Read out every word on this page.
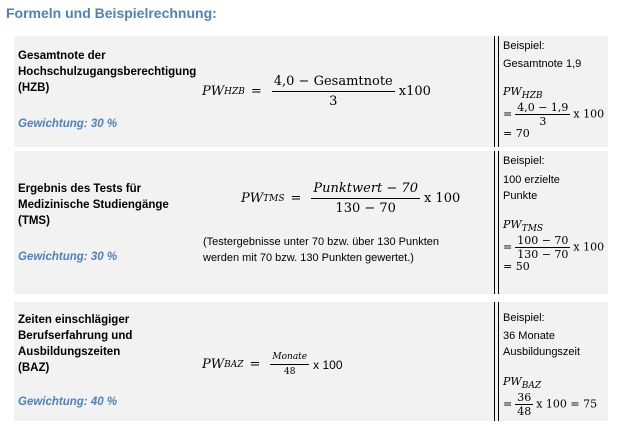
Formeln und Beispielrechnung:
Gesamtnote der
Hochschulzugangsberechtigung
(HZB)
Gewichtung: 30 %
PW HZB = $\frac{\text{4,0 − Gesamtnote}}{3} x100$
Beispiel:
Gesamtnote 1,9
$PW_{HZB}$
= $\frac{4,0 - 1,9}{3}$ x 100
= 70
Ergebnis des Tests für
Medizinische Studiengänge
(TMS)
Gewichtung: 30 %
PW TMS = $\frac{\text{Punktwert − 70}}{130 - 70}$ x 100
(Testergebnisse unter 70 bzw. über 130 Punkten
werden mit 70 bzw. 130 Punkten gewertet.)
Beispiel:
100 erzielte
Punkte
$PW_{TMS}$
= $\frac{100 - 70}{130 - 70}$ x 100
= 50
Zeiten einschlägiger
Berufserfahrung und
Ausbildungszeiten
(BAZ)
Gewichtung: 40 %
PW BAZ = $\frac{\text{Monate}}{48}$ x 100
Beispiel:
36 Monate
Ausbildungszeit
$PW_{BAZ}$
= $\frac{36}{48}$ x 100 = 75
